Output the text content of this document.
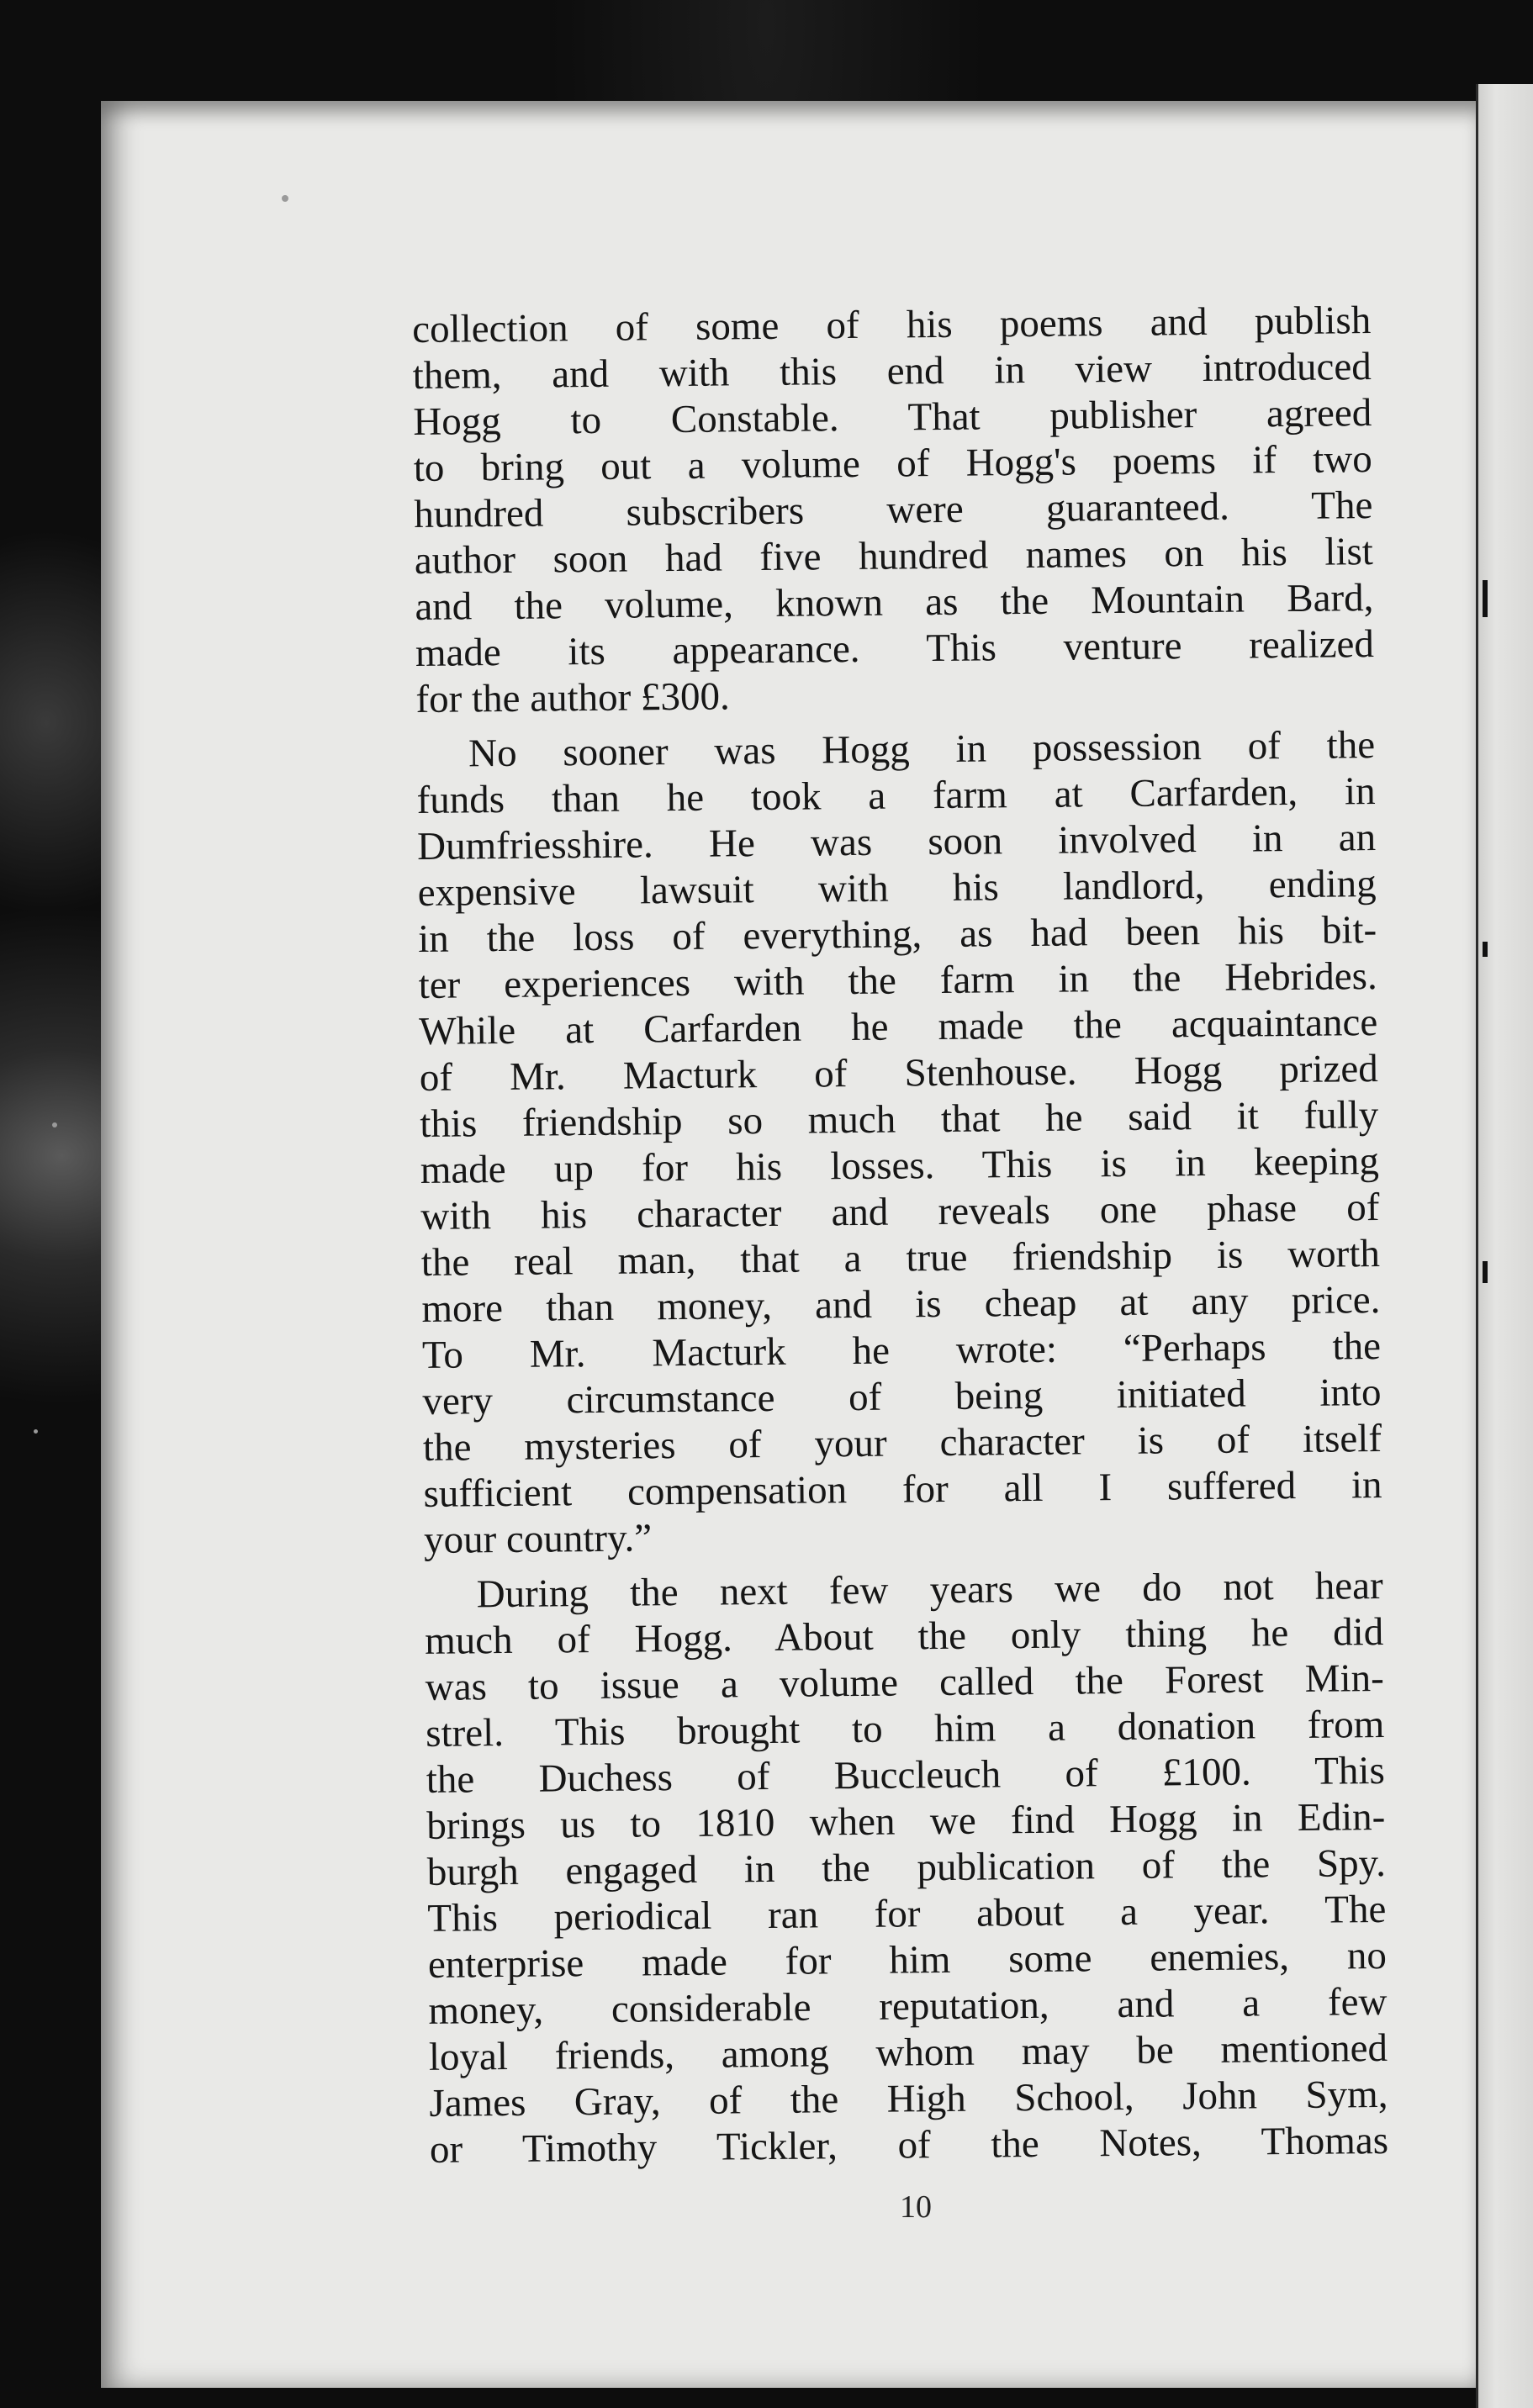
collection of some of his poems and publish
them, and with this end in view introduced
Hogg to Constable. That publisher agreed
to bring out a volume of Hogg's poems if two
hundred subscribers were guaranteed. The
author soon had five hundred names on his list
and the volume, known as the Mountain Bard,
made its appearance. This venture realized
for the author £300.
No sooner was Hogg in possession of the
funds than he took a farm at Carfarden, in
Dumfriesshire. He was soon involved in an
expensive lawsuit with his landlord, ending
in the loss of everything, as had been his bit-
ter experiences with the farm in the Hebrides.
While at Carfarden he made the acquaintance
of Mr. Macturk of Stenhouse. Hogg prized
this friendship so much that he said it fully
made up for his losses. This is in keeping
with his character and reveals one phase of
the real man, that a true friendship is worth
more than money, and is cheap at any price.
To Mr. Macturk he wrote: “Perhaps the
very circumstance of being initiated into
the mysteries of your character is of itself
sufficient compensation for all I suffered in
your country.”
During the next few years we do not hear
much of Hogg. About the only thing he did
was to issue a volume called the Forest Min-
strel. This brought to him a donation from
the Duchess of Buccleuch of £100. This
brings us to 1810 when we find Hogg in Edin-
burgh engaged in the publication of the Spy.
This periodical ran for about a year. The
enterprise made for him some enemies, no
money, considerable reputation, and a few
loyal friends, among whom may be mentioned
James Gray, of the High School, John Sym,
or Timothy Tickler, of the Notes, Thomas
10
